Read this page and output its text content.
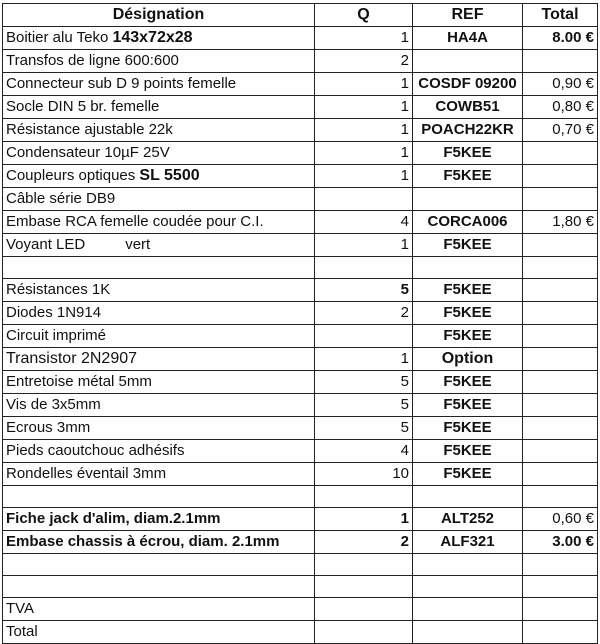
Désignation	Q	REF	Total
Boitier alu Teko 143x72x28	1	HA4A	8.00 €
Transfos de ligne 600:600	2		
Connecteur sub D 9 points femelle	1	COSDF 09200	0,90 €
Socle DIN 5 br. femelle	1	COWB51	0,80 €
Résistance ajustable 22k	1	POACH22KR	0,70 €
Condensateur 10µF 25V	1	F5KEE	
Coupleurs optiques SL 5500	1	F5KEE	
Câble série DB9			
Embase RCA femelle coudée pour C.I.	4	CORCA006	1,80 €
Voyant LED vert	1	F5KEE	

Résistances 1K	5	F5KEE	
Diodes 1N914	2	F5KEE	
Circuit imprimé		F5KEE	
Transistor 2N2907	1	Option	
Entretoise métal 5mm	5	F5KEE	
Vis de 3x5mm	5	F5KEE	
Ecrous 3mm	5	F5KEE	
Pieds caoutchouc adhésifs	4	F5KEE	
Rondelles éventail 3mm	10	F5KEE	

Fiche jack d'alim, diam.2.1mm	1	ALT252	0,60 €
Embase chassis à écrou, diam. 2.1mm	2	ALF321	3.00 €

TVA			
Total			
